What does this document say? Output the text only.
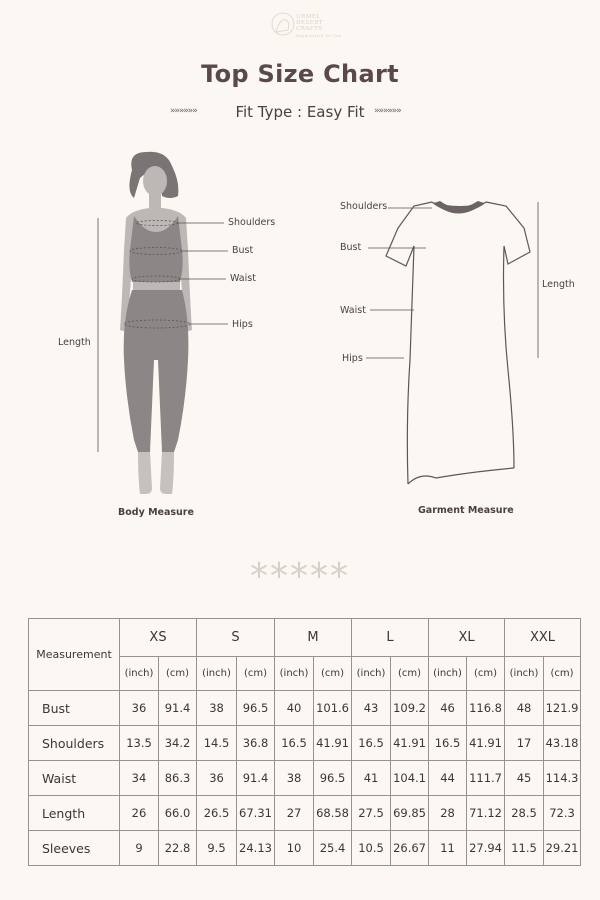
URMEL
DESERT
CRAFTS
Handcrafted for You
Top Size Chart
»»»»»»	Fit Type : Easy Fit	»»»»»»
Shoulders
Bust
Waist
Hips
Length
Body Measure
Shoulders
Bust
Waist
Hips
Length
Garment Measure
*****
Measurement	XS		S		M		L		XL		XXL	
	(inch)	(cm)	(inch)	(cm)	(inch)	(cm)	(inch)	(cm)	(inch)	(cm)	(inch)	(cm)
Bust	36	91.4	38	96.5	40	101.6	43	109.2	46	116.8	48	121.9
Shoulders	13.5	34.2	14.5	36.8	16.5	41.91	16.5	41.91	16.5	41.91	17	43.18
Waist	34	86.3	36	91.4	38	96.5	41	104.1	44	111.7	45	114.3
Length	26	66.0	26.5	67.31	27	68.58	27.5	69.85	28	71.12	28.5	72.3
Sleeves	9	22.8	9.5	24.13	10	25.4	10.5	26.67	11	27.94	11.5	29.21
